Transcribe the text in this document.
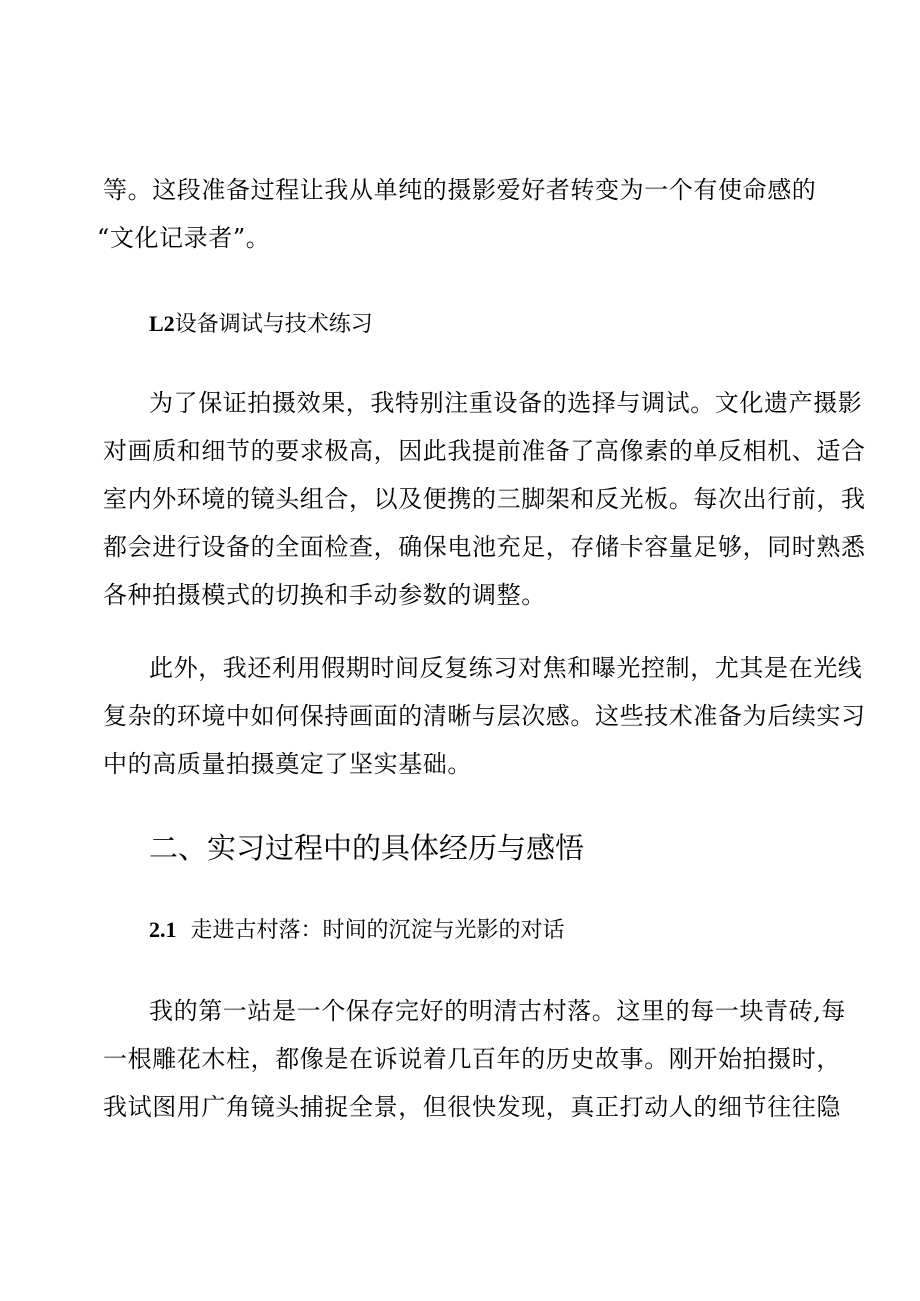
等。这段准备过程让我从单纯的摄影爱好者转变为一个有使命感的
“文化记录者”。
L2设备调试与技术练习
为了保证拍摄效果，我特别注重设备的选择与调试。文化遗产摄影
对画质和细节的要求极高，因此我提前准备了高像素的单反相机、适合
室内外环境的镜头组合，以及便携的三脚架和反光板。每次出行前，我
都会进行设备的全面检查，确保电池充足，存储卡容量足够，同时熟悉
各种拍摄模式的切换和手动参数的调整。
此外，我还利用假期时间反复练习对焦和曝光控制，尤其是在光线
复杂的环境中如何保持画面的清晰与层次感。这些技术准备为后续实习
中的高质量拍摄奠定了坚实基础。
二、实习过程中的具体经历与感悟
2.1 走进古村落：时间的沉淀与光影的对话
我的第一站是一个保存完好的明清古村落。这里的每一块青砖,每
一根雕花木柱，都像是在诉说着几百年的历史故事。刚开始拍摄时，
我试图用广角镜头捕捉全景，但很快发现，真正打动人的细节往往隐
